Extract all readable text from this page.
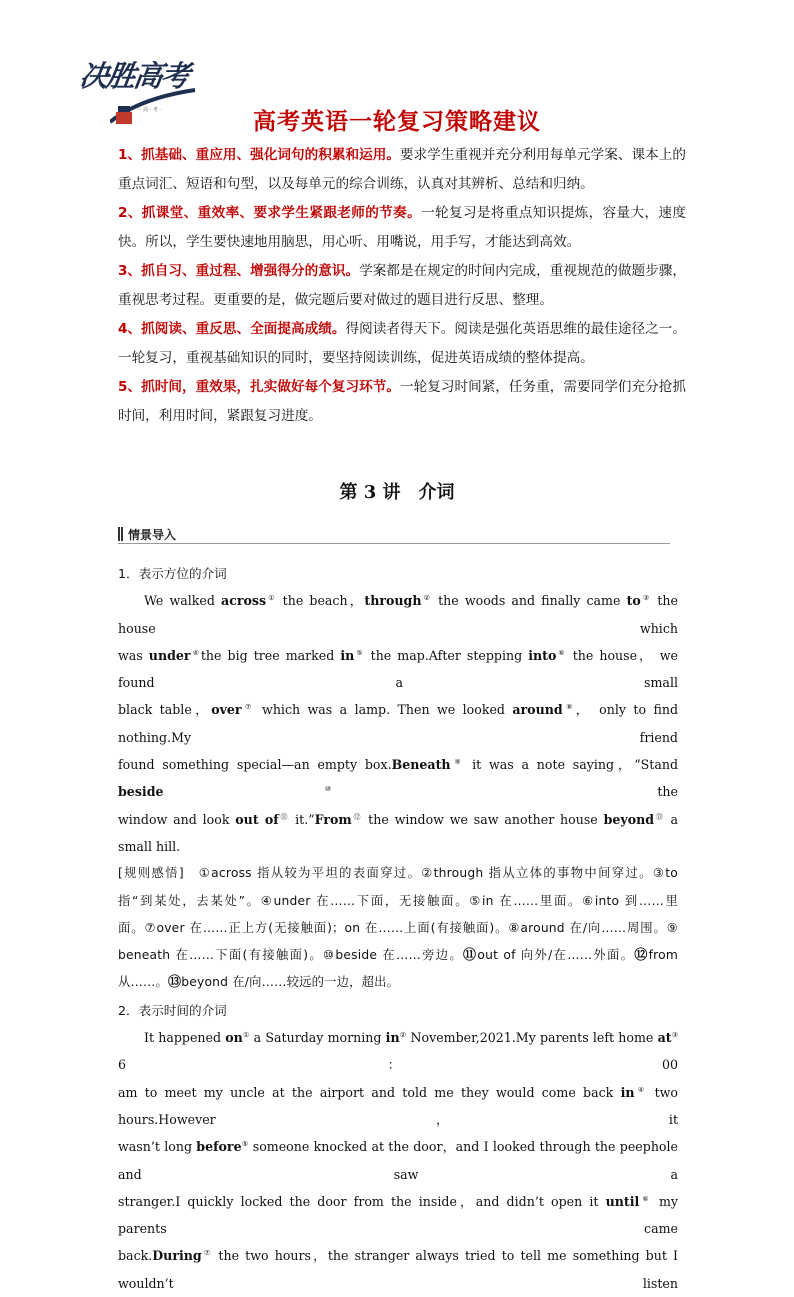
决胜高考
· · · · · · 高 · 考 ·	高考英语一轮复习策略建议
1、抓基础、重应用、强化词句的积累和运用。要求学生重视并充分利用每单元学案、课本上的重点词汇、短语和句型，以及每单元的综合训练，认真对其辨析、总结和归纳。
2、抓课堂、重效率、要求学生紧跟老师的节奏。一轮复习是将重点知识提炼，容量大，速度快。所以，学生要快速地用脑思，用心听、用嘴说，用手写，才能达到高效。
3、抓自习、重过程、增强得分的意识。学案都是在规定的时间内完成，重视规范的做题步骤，重视思考过程。更重要的是，做完题后要对做过的题目进行反思、整理。
4、抓阅读、重反思、全面提高成绩。得阅读者得天下。阅读是强化英语思维的最佳途径之一。一轮复习，重视基础知识的同时，要坚持阅读训练，促进英语成绩的整体提高。
5、抓时间，重效果，扎实做好每个复习环节。一轮复习时间紧，任务重，需要同学们充分抢抓时间，利用时间，紧跟复习进度。
第 3 讲　介词
情景导入

1．表示方位的介词

We walked across① the beach，through② the woods and finally came to③ the house which

was under④the big tree marked in⑤ the map.After stepping into⑥ the house， we found a small

black table，over⑦ which was a lamp. Then we looked around⑧， only to find nothing.My friend

found something special—an empty box.Beneath⑨ it was a note saying，“Stand beside⑩ the

window and look out of⑪ it.”From⑫ the window we saw another house beyond⑬ a small hill.

[规则感悟]　①across 指从较为平坦的表面穿过。②through 指从立体的事物中间穿过。③to

指“到某处，去某处”。④under 在……下面，无接触面。⑤in 在……里面。⑥into 到……里

面。⑦over 在……正上方(无接触面)；on 在……上面(有接触面)。⑧around 在/向……周围。⑨

beneath 在……下面(有接触面)。⑩beside 在……旁边。⑪out of 向外/在……外面。⑫from

从……。⑬beyond 在/向……较远的一边，超出。

2．表示时间的介词

It happened on① a Saturday morning in② November,2021.My parents left home at③ 6：00

am to meet my uncle at the airport and told me they would come back in④ two hours.However，it

wasn’t long before⑤ someone knocked at the door，and I looked through the peephole and saw a

stranger.I quickly locked the door from the inside，and didn’t open it until⑥ my parents came

back.During⑦ the two hours，the stranger always tried to tell me something but I wouldn’t listen
